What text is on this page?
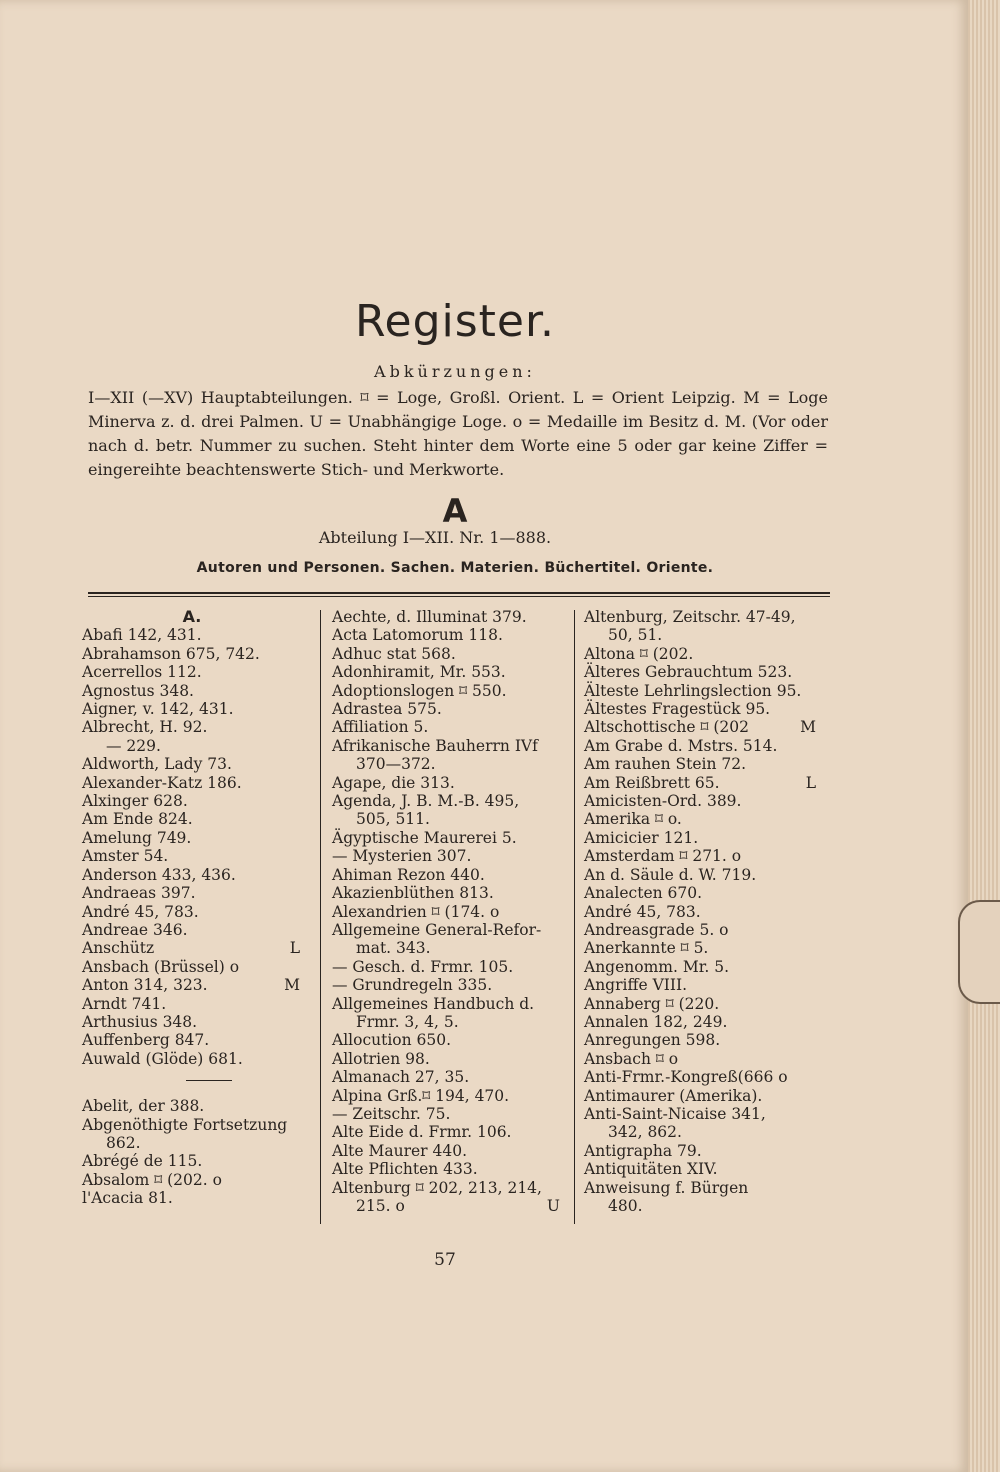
Register.
Abkürzungen:
I—XII (—XV) Hauptabteilungen. ⌑ = Loge, Großl. Orient. L = Orient Leipzig. M = Loge Minerva z. d. drei Palmen. U = Unabhängige Loge. o = Medaille im Besitz d. M. (Vor oder nach d. betr. Nummer zu suchen. Steht hinter dem Worte eine 5 oder gar keine Ziffer = eingereihte beachtenswerte Stich- und Merkworte.
A
Abteilung I—XII. Nr. 1—888.
Autoren und Personen. Sachen. Materien. Büchertitel. Oriente.
A.
Abafi 142, 431.
Abrahamson 675, 742.
Acerrellos 112.
Agnostus 348.
Aigner, v. 142, 431.
Albrecht, H. 92.
— 229.
Aldworth, Lady 73.
Alexander-Katz 186.
Alxinger 628.
Am Ende 824.
Amelung 749.
Amster 54.
Anderson 433, 436.
Andraeas 397.
André 45, 783.
Andreae 346.
Anschütz	L
Ansbach (Brüssel) o
Anton 314, 323.	M
Arndt 741.
Arthusius 348.
Auffenberg 847.
Auwald (Glöde) 681.
Abelit, der 388.
Abgenöthigte Fortsetzung
862.
Abrégé de 115.
Absalom ⌑ (202. o
l'Acacia 81.
Aechte, d. Illuminat 379.
Acta Latomorum 118.
Adhuc stat 568.
Adonhiramit, Mr. 553.
Adoptionslogen ⌑ 550.
Adrastea 575.
Affiliation 5.
Afrikanische Bauherrn IVf
370—372.
Agape, die 313.
Agenda, J. B. M.-B. 495,
505, 511.
Ägyptische Maurerei 5.
— Mysterien 307.
Ahiman Rezon 440.
Akazienblüthen 813.
Alexandrien ⌑ (174. o
Allgemeine General-Refor-
mat. 343.
— Gesch. d. Frmr. 105.
— Grundregeln 335.
Allgemeines Handbuch d.
Frmr. 3, 4, 5.
Allocution 650.
Allotrien 98.
Almanach 27, 35.
Alpina Grß.⌑ 194, 470.
— Zeitschr. 75.
Alte Eide d. Frmr. 106.
Alte Maurer 440.
Alte Pflichten 433.
Altenburg ⌑ 202, 213, 214,
215. o	U
Altenburg, Zeitschr. 47-49,
50, 51.
Altona ⌑ (202.
Älteres Gebrauchtum 523.
Älteste Lehrlingslection 95.
Ältestes Fragestück 95.
Altschottische ⌑ (202	M
Am Grabe d. Mstrs. 514.
Am rauhen Stein 72.
Am Reißbrett 65.	L
Amicisten-Ord. 389.
Amerika ⌑ o.
Amicicier 121.
Amsterdam ⌑ 271. o
An d. Säule d. W. 719.
Analecten 670.
André 45, 783.
Andreasgrade 5. o
Anerkannte ⌑ 5.
Angenomm. Mr. 5.
Angriffe VIII.
Annaberg ⌑ (220.
Annalen 182, 249.
Anregungen 598.
Ansbach ⌑ o
Anti-Frmr.-Kongreß(666 o
Antimaurer (Amerika).
Anti-Saint-Nicaise 341,
342, 862.
Antigrapha 79.
Antiquitäten XIV.
Anweisung f. Bürgen
480.
57
